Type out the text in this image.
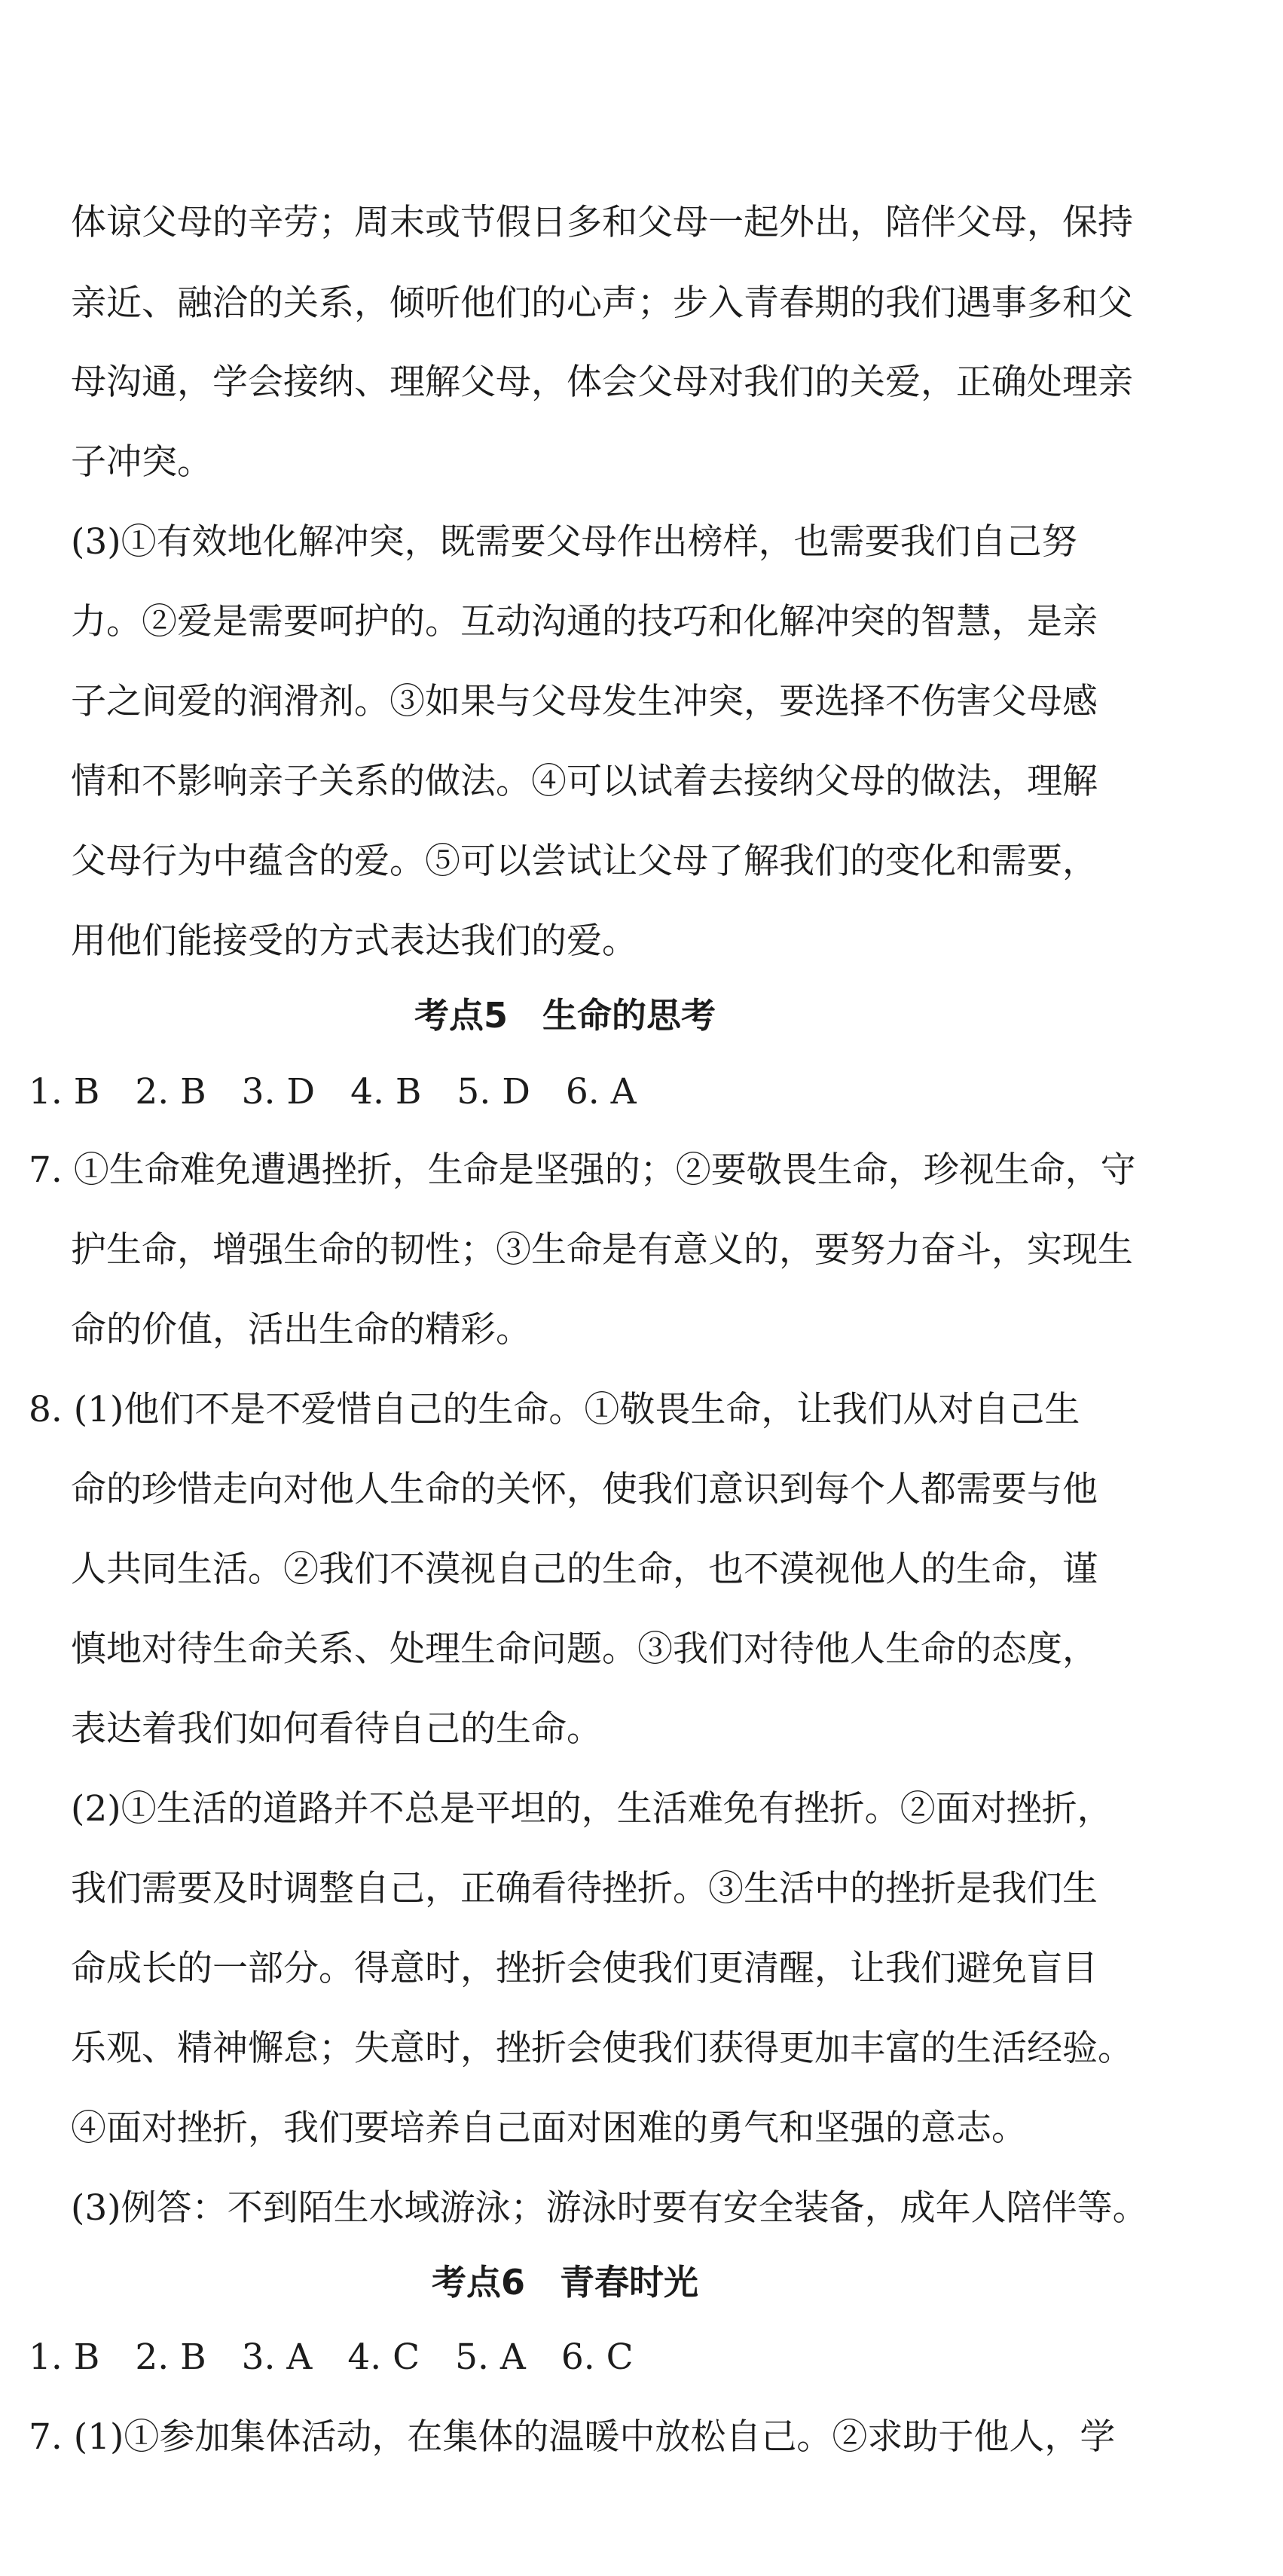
体谅父母的辛劳；周末或节假日多和父母一起外出，陪伴父母，保持

亲近、融洽的关系，倾听他们的心声；步入青春期的我们遇事多和父

母沟通，学会接纳、理解父母，体会父母对我们的关爱，正确处理亲

子冲突。

(3)①有效地化解冲突，既需要父母作出榜样，也需要我们自己努

力。②爱是需要呵护的。互动沟通的技巧和化解冲突的智慧，是亲

子之间爱的润滑剂。③如果与父母发生冲突，要选择不伤害父母感

情和不影响亲子关系的做法。④可以试着去接纳父母的做法，理解

父母行为中蕴含的爱。⑤可以尝试让父母了解我们的变化和需要，

用他们能接受的方式表达我们的爱。

考点5　生命的思考

1. B　2. B　3. D　4. B　5. D　6. A

7. ①生命难免遭遇挫折，生命是坚强的；②要敬畏生命，珍视生命，守

护生命，增强生命的韧性；③生命是有意义的，要努力奋斗，实现生

命的价值，活出生命的精彩。

8. (1)他们不是不爱惜自己的生命。①敬畏生命，让我们从对自己生

命的珍惜走向对他人生命的关怀，使我们意识到每个人都需要与他

人共同生活。②我们不漠视自己的生命，也不漠视他人的生命，谨

慎地对待生命关系、处理生命问题。③我们对待他人生命的态度，

表达着我们如何看待自己的生命。

(2)①生活的道路并不总是平坦的，生活难免有挫折。②面对挫折，

我们需要及时调整自己，正确看待挫折。③生活中的挫折是我们生

命成长的一部分。得意时，挫折会使我们更清醒，让我们避免盲目

乐观、精神懈怠；失意时，挫折会使我们获得更加丰富的生活经验。

④面对挫折，我们要培养自己面对困难的勇气和坚强的意志。

(3)例答：不到陌生水域游泳；游泳时要有安全装备，成年人陪伴等。

考点6　青春时光

1. B　2. B　3. A　4. C　5. A　6. C

7. (1)①参加集体活动，在集体的温暖中放松自己。②求助于他人，学
